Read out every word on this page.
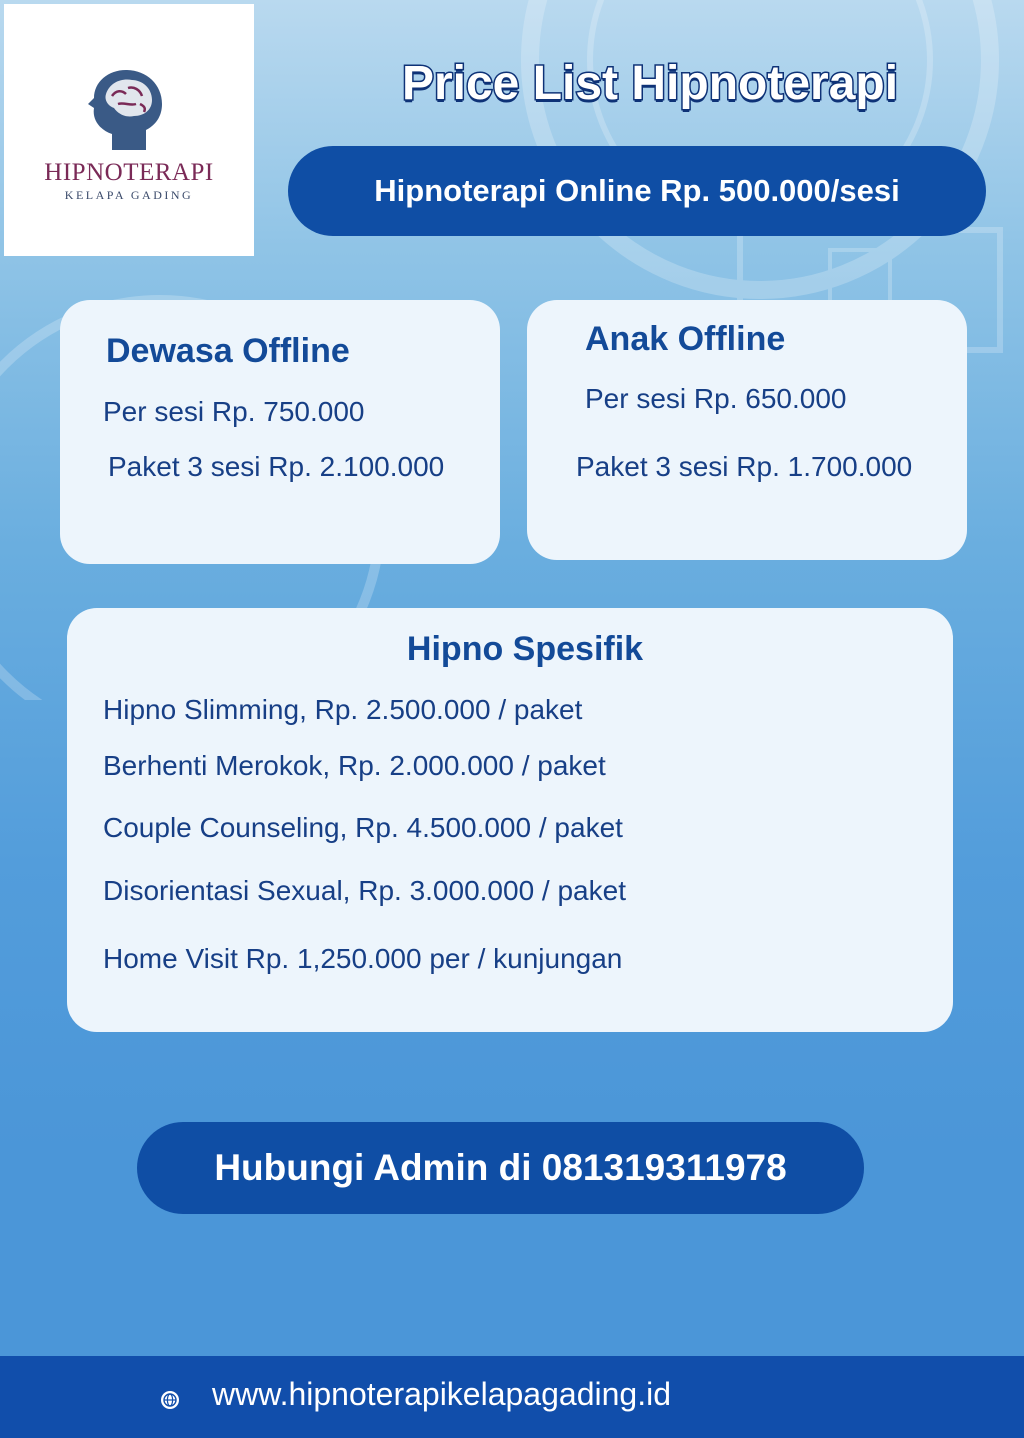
HIPNOTERAPI
KELAPA GADING
Price List Hipnoterapi
Hipnoterapi Online Rp. 500.000/sesi
Dewasa Offline
Per sesi Rp. 750.000
Paket 3 sesi Rp. 2.100.000
Anak Offline
Per sesi Rp. 650.000
Paket 3 sesi Rp. 1.700.000
Hipno Spesifik
Hipno Slimming, Rp. 2.500.000 / paket
Berhenti Merokok, Rp. 2.000.000 / paket
Couple Counseling, Rp. 4.500.000 / paket
Disorientasi Sexual, Rp. 3.000.000 / paket
Home Visit Rp. 1,250.000 per / kunjungan
Hubungi Admin di 081319311978
www.hipnoterapikelapagading.id
